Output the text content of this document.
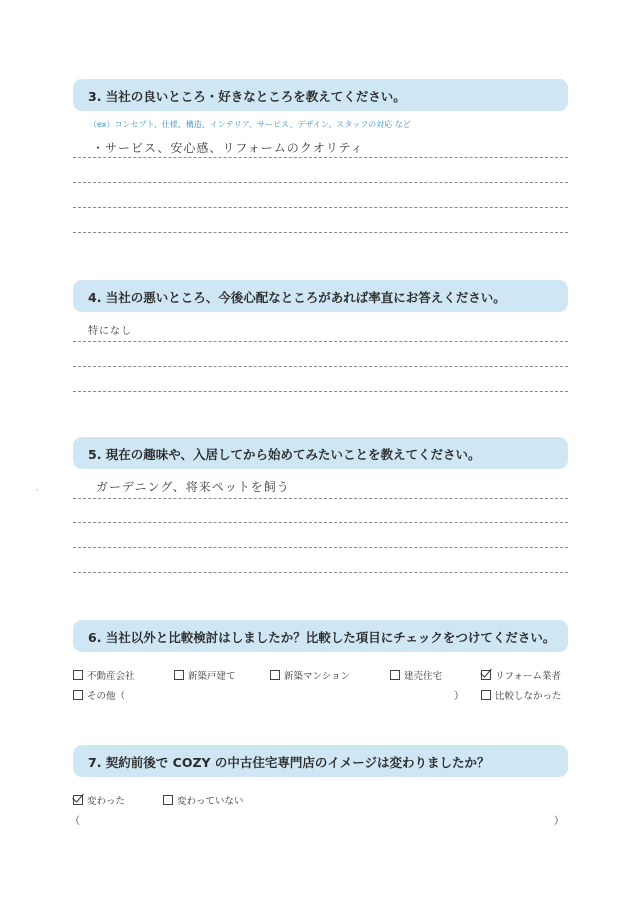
3. 当社の良いところ・好きなところを教えてください。
（ex）コンセプト、仕様、構造、インテリア、サービス、デザイン、スタッフの対応 など
・サービス、安心感、リフォームのクオリティ
4. 当社の悪いところ、今後心配なところがあれば率直にお答えください。
特になし
5. 現在の趣味や、入居してから始めてみたいことを教えてください。
·	ガーデニング、将来ペットを飼う
6. 当社以外と比較検討はしましたか？比較した項目にチェックをつけてください。
不動産会社	新築戸建て	新築マンション	建売住宅	リフォーム業者
その他（	）	比較しなかった
7. 契約前後で COZY の中古住宅専門店のイメージは変わりましたか？
変わった	変わっていない
（	）
